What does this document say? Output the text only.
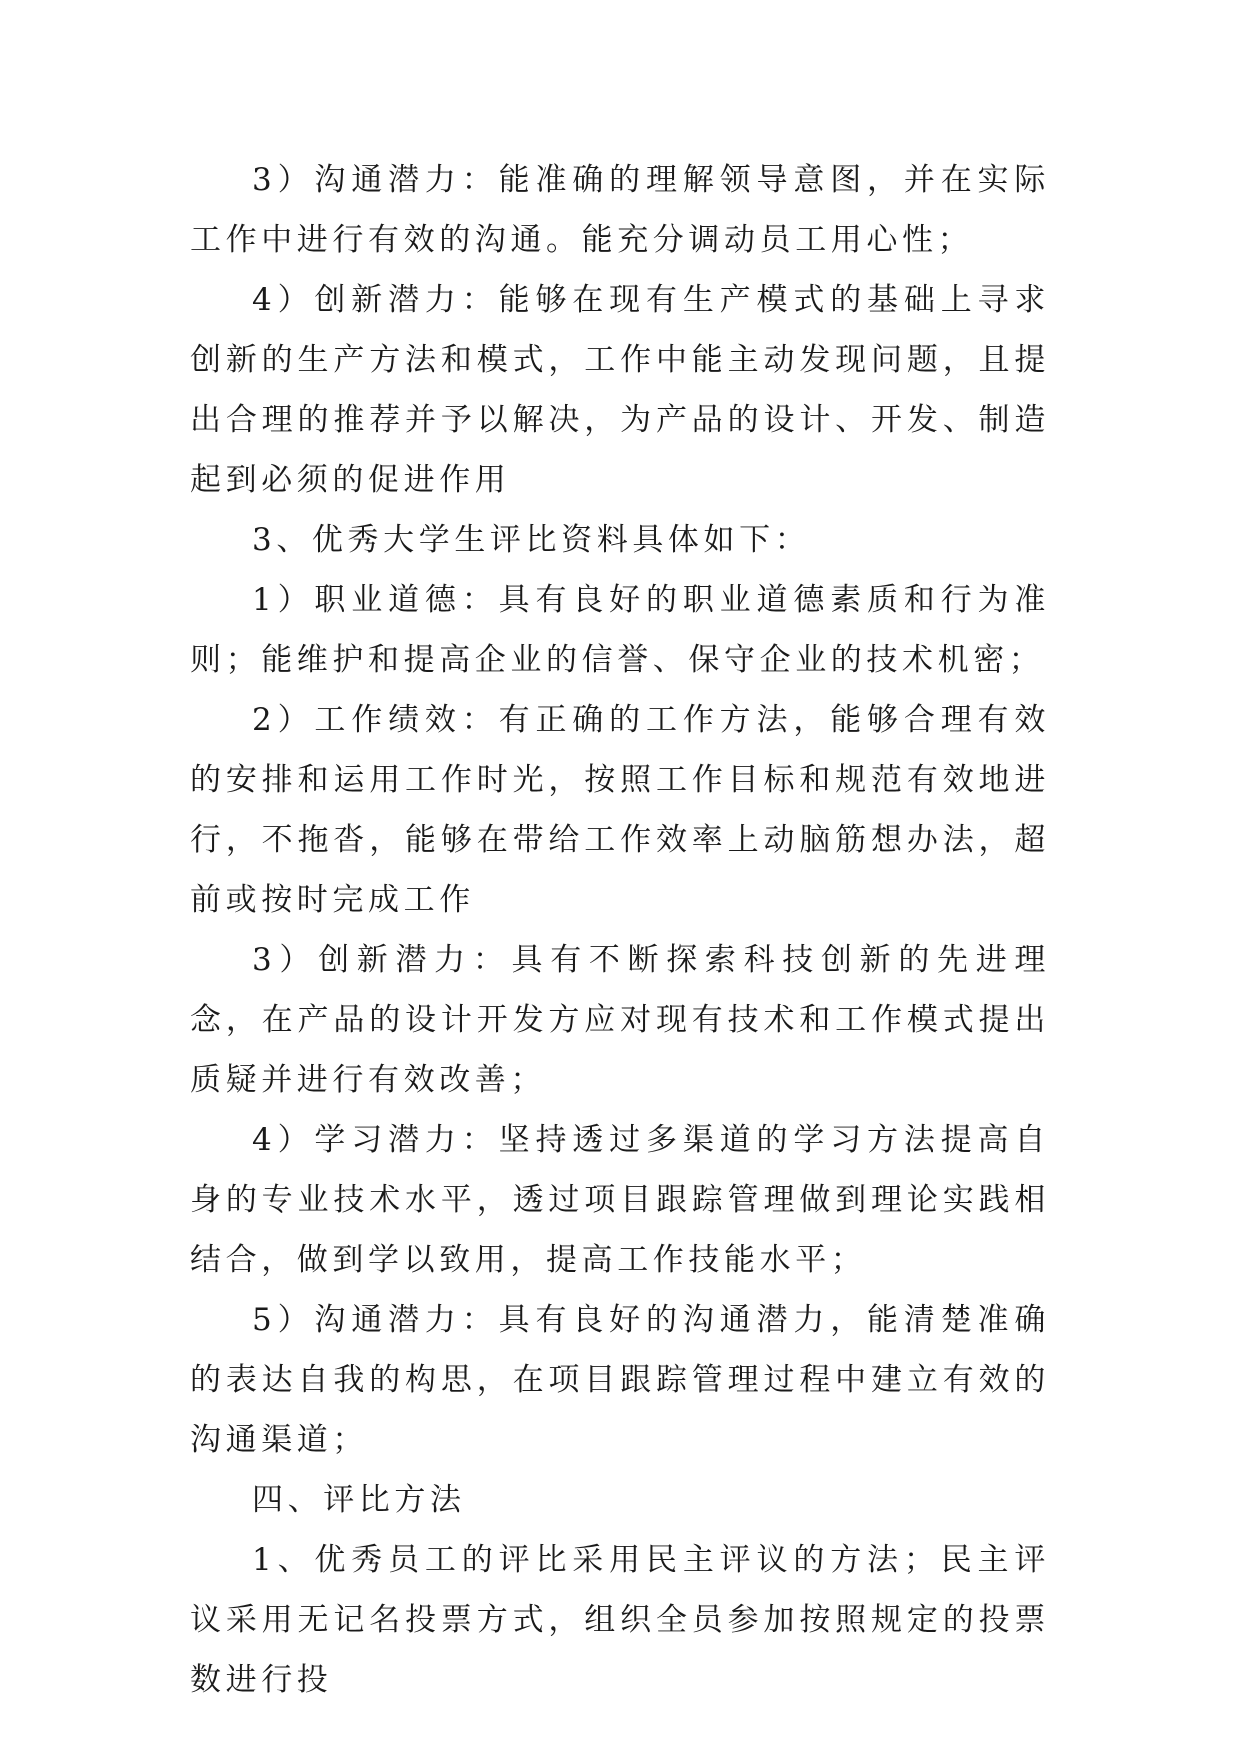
3）沟通潜力：能准确的理解领导意图，并在实际工作中进行有效的沟通。能充分调动员工用心性；

4）创新潜力：能够在现有生产模式的基础上寻求创新的生产方法和模式，工作中能主动发现问题，且提出合理的推荐并予以解决，为产品的设计、开发、制造起到必须的促进作用

3、优秀大学生评比资料具体如下：

1）职业道德：具有良好的职业道德素质和行为准则；能维护和提高企业的信誉、保守企业的技术机密；

2）工作绩效：有正确的工作方法，能够合理有效的安排和运用工作时光，按照工作目标和规范有效地进行，不拖沓，能够在带给工作效率上动脑筋想办法，超前或按时完成工作

3）创新潜力：具有不断探索科技创新的先进理念，在产品的设计开发方应对现有技术和工作模式提出质疑并进行有效改善；

4）学习潜力：坚持透过多渠道的学习方法提高自身的专业技术水平，透过项目跟踪管理做到理论实践相结合，做到学以致用，提高工作技能水平；

5）沟通潜力：具有良好的沟通潜力，能清楚准确的表达自我的构思，在项目跟踪管理过程中建立有效的沟通渠道；

四、评比方法

1、优秀员工的评比采用民主评议的方法；民主评议采用无记名投票方式，组织全员参加按照规定的投票数进行投
